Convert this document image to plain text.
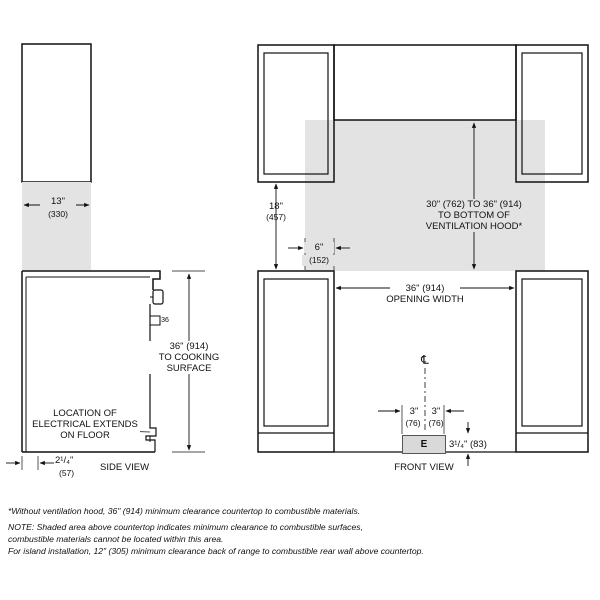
13"
(330)
36" (914)
TO COOKING
SURFACE
36
LOCATION OF
ELECTRICAL EXTENDS
ON FLOOR
2¹/₄"
(57)	SIDE VIEW
18"
(457)
6"
(152)
30" (762) TO 36" (914)
TO BOTTOM OF
VENTILATION HOOD*
36" (914)
OPENING WIDTH
℄
3"
(76)
3"
(76)
E	3¹/₄" (83)
FRONT VIEW
*Without ventilation hood, 36" (914) minimum clearance countertop to combustible materials.
NOTE: Shaded area above countertop indicates minimum clearance to combustible surfaces,
combustible materials cannot be located within this area.
For island installation, 12" (305) minimum clearance back of range to combustible rear wall above countertop.
